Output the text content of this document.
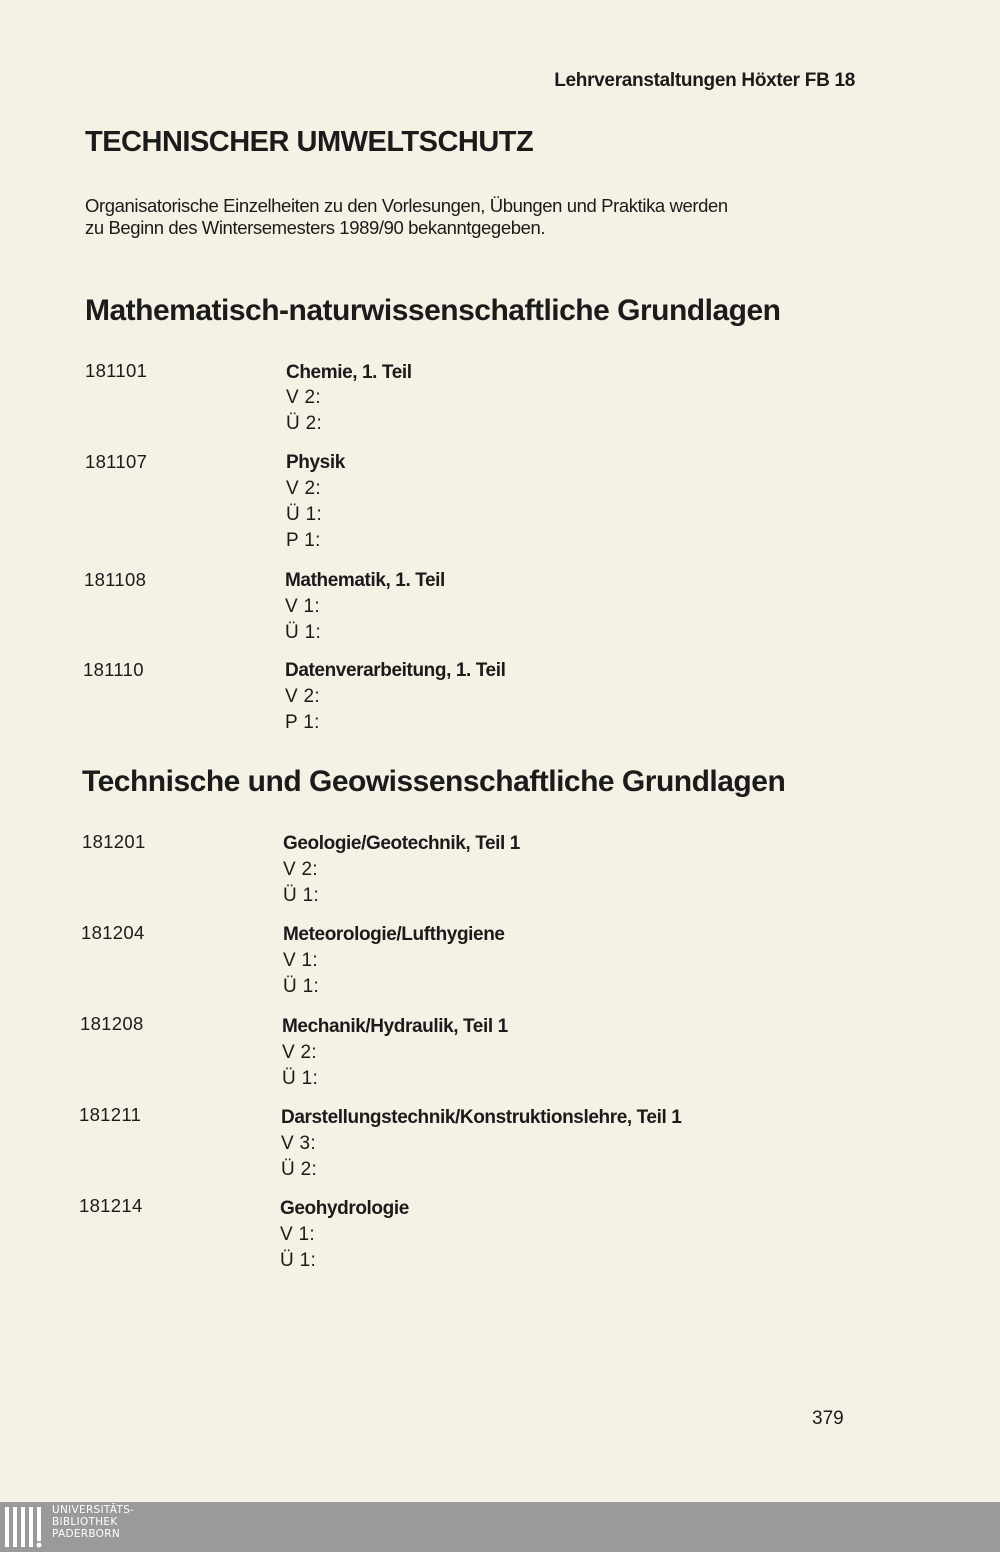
Lehrveranstaltungen Höxter FB 18
TECHNISCHER UMWELTSCHUTZ
Organisatorische Einzelheiten zu den Vorlesungen, Übungen und Praktika werden
zu Beginn des Wintersemesters 1989/90 bekanntgegeben.
Mathematisch-naturwissenschaftliche Grundlagen
181101	Chemie, 1. Teil
V 2:
Ü 2:
181107	Physik
V 2:
Ü 1:
P 1:
181108	Mathematik, 1. Teil
V 1:
Ü 1:
181110	Datenverarbeitung, 1. Teil
V 2:
P 1:
Technische und Geowissenschaftliche Grundlagen
181201	Geologie/Geotechnik, Teil 1
V 2:
Ü 1:
181204	Meteorologie/Lufthygiene
V 1:
Ü 1:
181208	Mechanik/Hydraulik, Teil 1
V 2:
Ü 1:
181211	Darstellungstechnik/Konstruktionslehre, Teil 1
V 3:
Ü 2:
181214	Geohydrologie
V 1:
Ü 1:
379
UNIVERSITÄTS-
BIBLIOTHEK
PADERBORN
